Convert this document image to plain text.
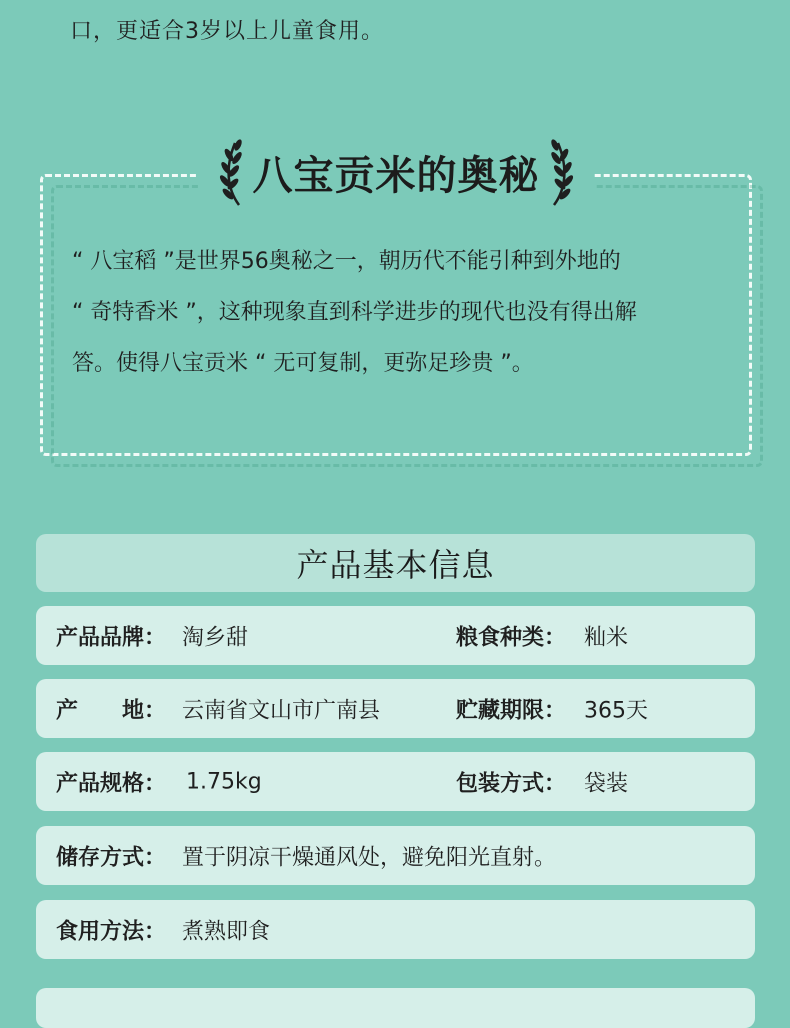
口，更适合3岁以上儿童食用。
八宝贡米的奥秘
“ 八宝稻 ”是世界56奥秘之一，朝历代不能引种到外地的
“ 奇特香米 ”，这种现象直到科学进步的现代也没有得出解
答。使得八宝贡米 “ 无可复制，更弥足珍贵 ”。
产品基本信息
产品品牌： 淘乡甜	粮食种类： 籼米
产　　地： 云南省文山市广南县	贮藏期限： 365天
产品规格： 1.75kg	包装方式： 袋装
储存方式： 置于阴凉干燥通风处，避免阳光直射。
食用方法： 煮熟即食
